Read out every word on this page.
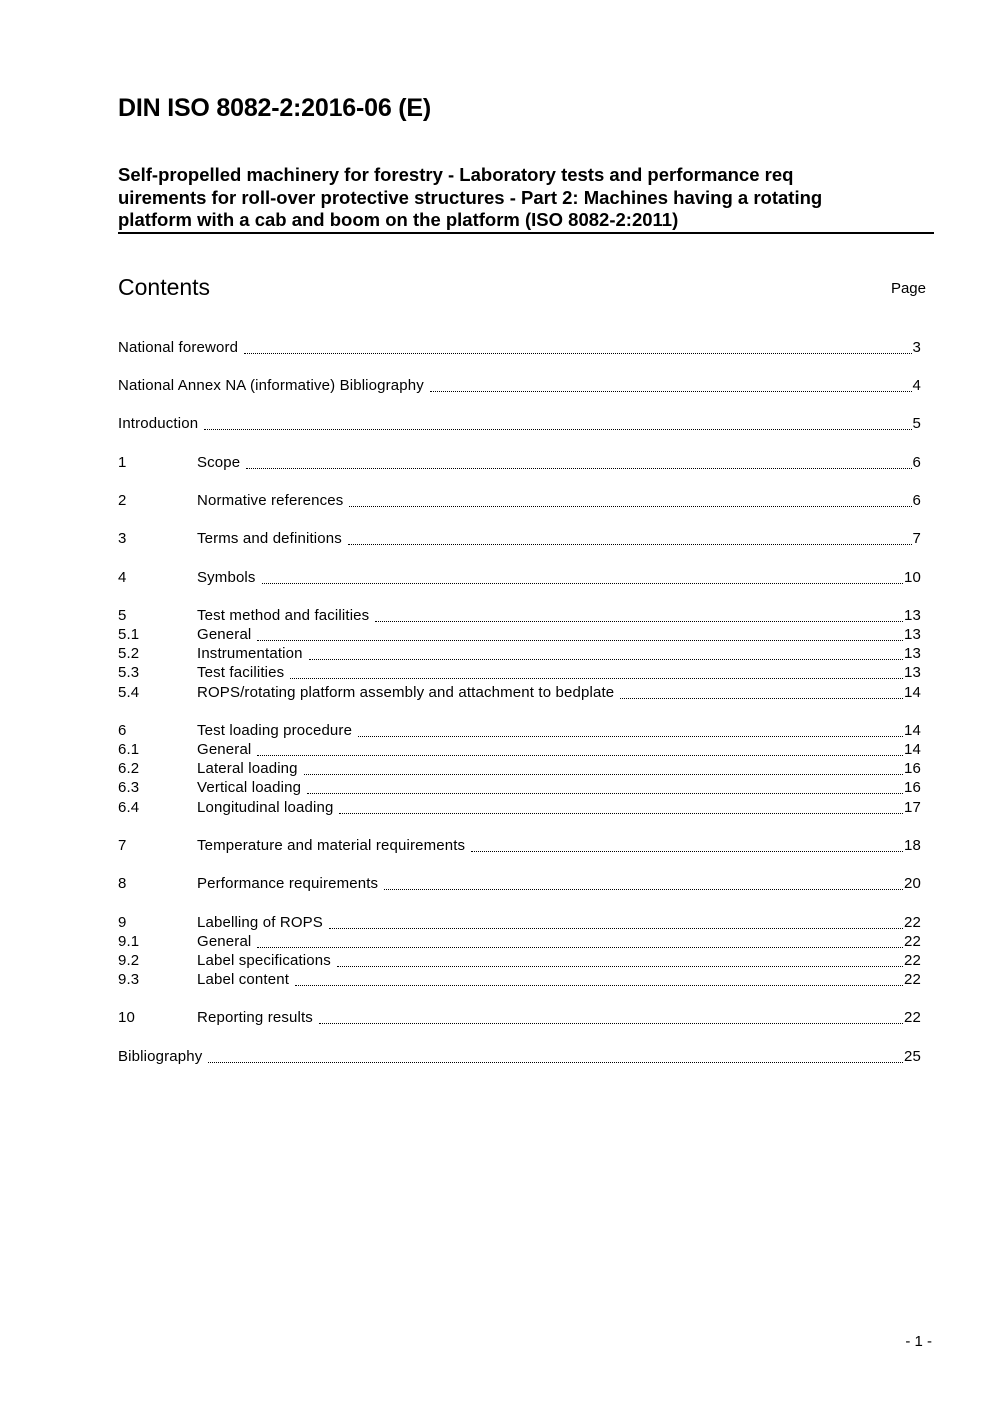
DIN ISO 8082-2:2016-06 (E)
Self-propelled machinery for forestry - Laboratory tests and performance req
uirements for roll-over protective structures - Part 2: Machines having a rotating
platform with a cab and boom on the platform (ISO 8082-2:2011)
Contents	Page
National foreword	3
National Annex NA (informative) Bibliography	4
Introduction	5
1	Scope	6
2	Normative references	6
3	Terms and definitions	7
4	Symbols	10
5	Test method and facilities	13
5.1	General	13
5.2	Instrumentation	13
5.3	Test facilities	13
5.4	ROPS/rotating platform assembly and attachment to bedplate	14
6	Test loading procedure	14
6.1	General	14
6.2	Lateral loading	16
6.3	Vertical loading	16
6.4	Longitudinal loading	17
7	Temperature and material requirements	18
8	Performance requirements	20
9	Labelling of ROPS	22
9.1	General	22
9.2	Label specifications	22
9.3	Label content	22
10	Reporting results	22
Bibliography	25
- 1 -
